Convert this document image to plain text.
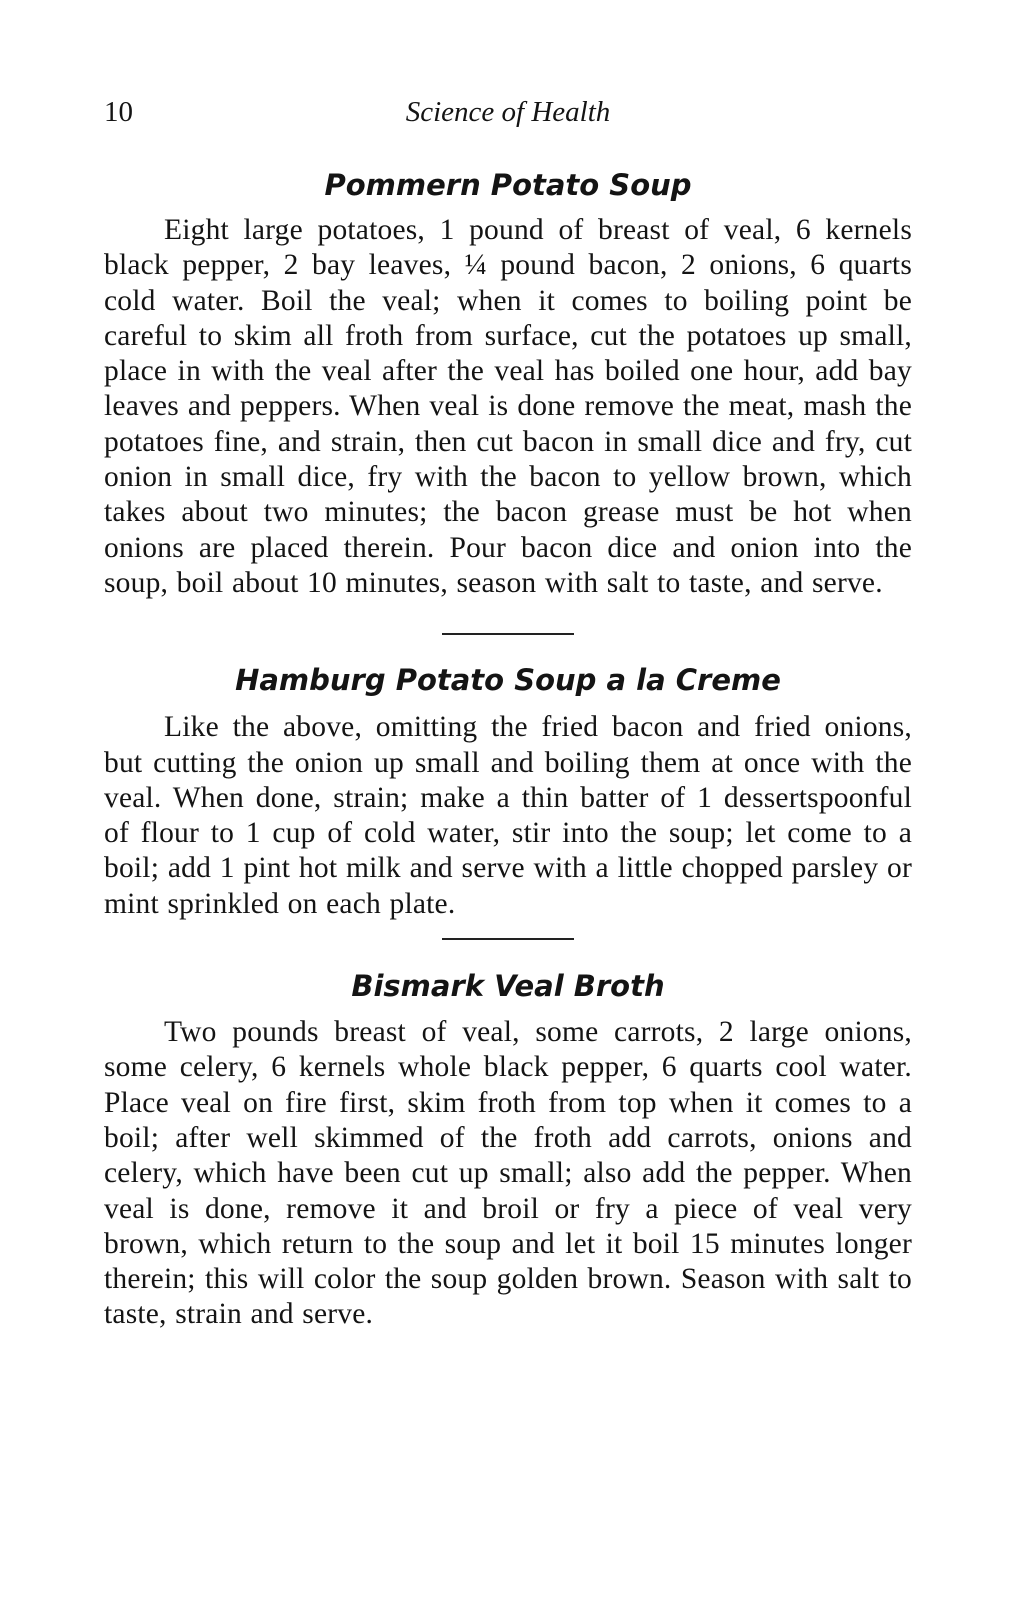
10	Science of Health
Pommern Potato Soup

Eight large potatoes, 1 pound of breast of veal, 6 kernels black pepper, 2 bay leaves, ¼ pound bacon, 2 onions, 6 quarts cold water. Boil the veal; when it comes to boiling point be careful to skim all froth from surface, cut the potatoes up small, place in with the veal after the veal has boiled one hour, add bay leaves and peppers. When veal is done remove the meat, mash the potatoes fine, and strain, then cut bacon in small dice and fry, cut onion in small dice, fry with the bacon to yellow brown, which takes about two minutes; the bacon grease must be hot when onions are placed therein. Pour bacon dice and onion into the soup, boil about 10 minutes, season with salt to taste, and serve.

Hamburg Potato Soup a la Creme

Like the above, omitting the fried bacon and fried onions, but cutting the onion up small and boiling them at once with the veal. When done, strain; make a thin batter of 1 dessertspoonful of flour to 1 cup of cold water, stir into the soup; let come to a boil; add 1 pint hot milk and serve with a little chopped parsley or mint sprinkled on each plate.

Bismark Veal Broth

Two pounds breast of veal, some carrots, 2 large onions, some celery, 6 kernels whole black pepper, 6 quarts cool water. Place veal on fire first, skim froth from top when it comes to a boil; after well skimmed of the froth add carrots, onions and celery, which have been cut up small; also add the pepper. When veal is done, remove it and broil or fry a piece of veal very brown, which return to the soup and let it boil 15 minutes longer therein; this will color the soup golden brown. Season with salt to taste, strain and serve.
